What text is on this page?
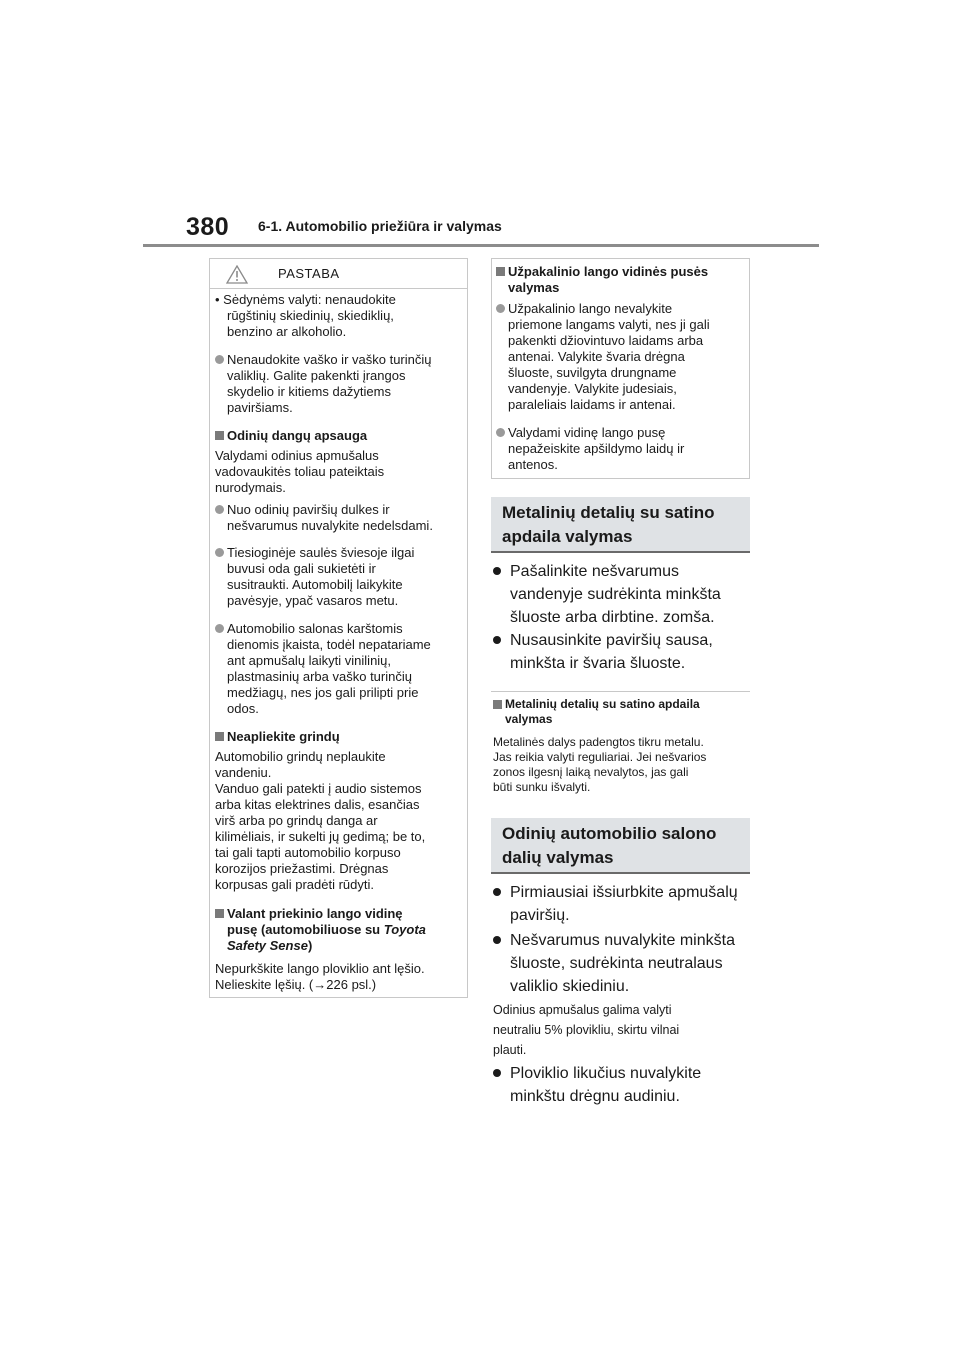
380 6-1. Automobilio priežiūra ir valymas
PASTABA
• Sėdynėms valyti: nenaudokite
rūgštinių skiedinių, skiediklių,
benzino ar alkoholio.
Nenaudokite vaško ir vaško turinčių
valiklių. Galite pakenkti įrangos
skydelio ir kitiems dažytiems
paviršiams.
Odinių dangų apsauga
Valydami odinius apmušalus
vadovaukitės toliau pateiktais
nurodymais.
Nuo odinių paviršių dulkes ir
nešvarumus nuvalykite nedelsdami.
Tiesioginėje saulės šviesoje ilgai
buvusi oda gali sukietėti ir
susitraukti. Automobilį laikykite
pavėsyje, ypač vasaros metu.
Automobilio salonas karštomis
dienomis įkaista, todėl nepatariame
ant apmušalų laikyti vinilinių,
plastmasinių arba vaško turinčių
medžiagų, nes jos gali prilipti prie
odos.
Neapliekite grindų
Automobilio grindų neplaukite
vandeniu.
Vanduo gali patekti į audio sistemos
arba kitas elektrines dalis, esančias
virš arba po grindų danga ar
kilimėliais, ir sukelti jų gedimą; be to,
tai gali tapti automobilio korpuso
korozijos priežastimi. Drėgnas
korpusas gali pradėti rūdyti.
Valant priekinio lango vidinę
pusę (automobiliuose su Toyota
Safety Sense)
Nepurkškite lango ploviklio ant lęšio.
Nelieskite lęšių. (→226 psl.)
Užpakalinio lango vidinės pusės
valymas
Užpakalinio lango nevalykite
priemone langams valyti, nes ji gali
pakenkti džiovintuvo laidams arba
antenai. Valykite švaria drėgna
šluoste, suvilgyta drungname
vandenyje. Valykite judesiais,
paraleliais laidams ir antenai.
Valydami vidinę lango pusę
nepažeiskite apšildymo laidų ir
antenos.
Metalinių detalių su satino
apdaila valymas
Pašalinkite nešvarumus
vandenyje sudrėkinta minkšta
šluoste arba dirbtine. zomša.
Nusausinkite paviršių sausa,
minkšta ir švaria šluoste.
Metalinių detalių su satino apdaila
valymas
Metalinės dalys padengtos tikru metalu.
Jas reikia valyti reguliariai. Jei nešvarios
zonos ilgesnį laiką nevalytos, jas gali
būti sunku išvalyti.
Odinių automobilio salono
dalių valymas
Pirmiausiai išsiurbkite apmušalų
paviršių.
Nešvarumus nuvalykite minkšta
šluoste, sudrėkinta neutralaus
valiklio skiediniu.
Odinius apmušalus galima valyti
neutraliu 5% plovikliu, skirtu vilnai
plauti.
Ploviklio likučius nuvalykite
minkštu drėgnu audiniu.
